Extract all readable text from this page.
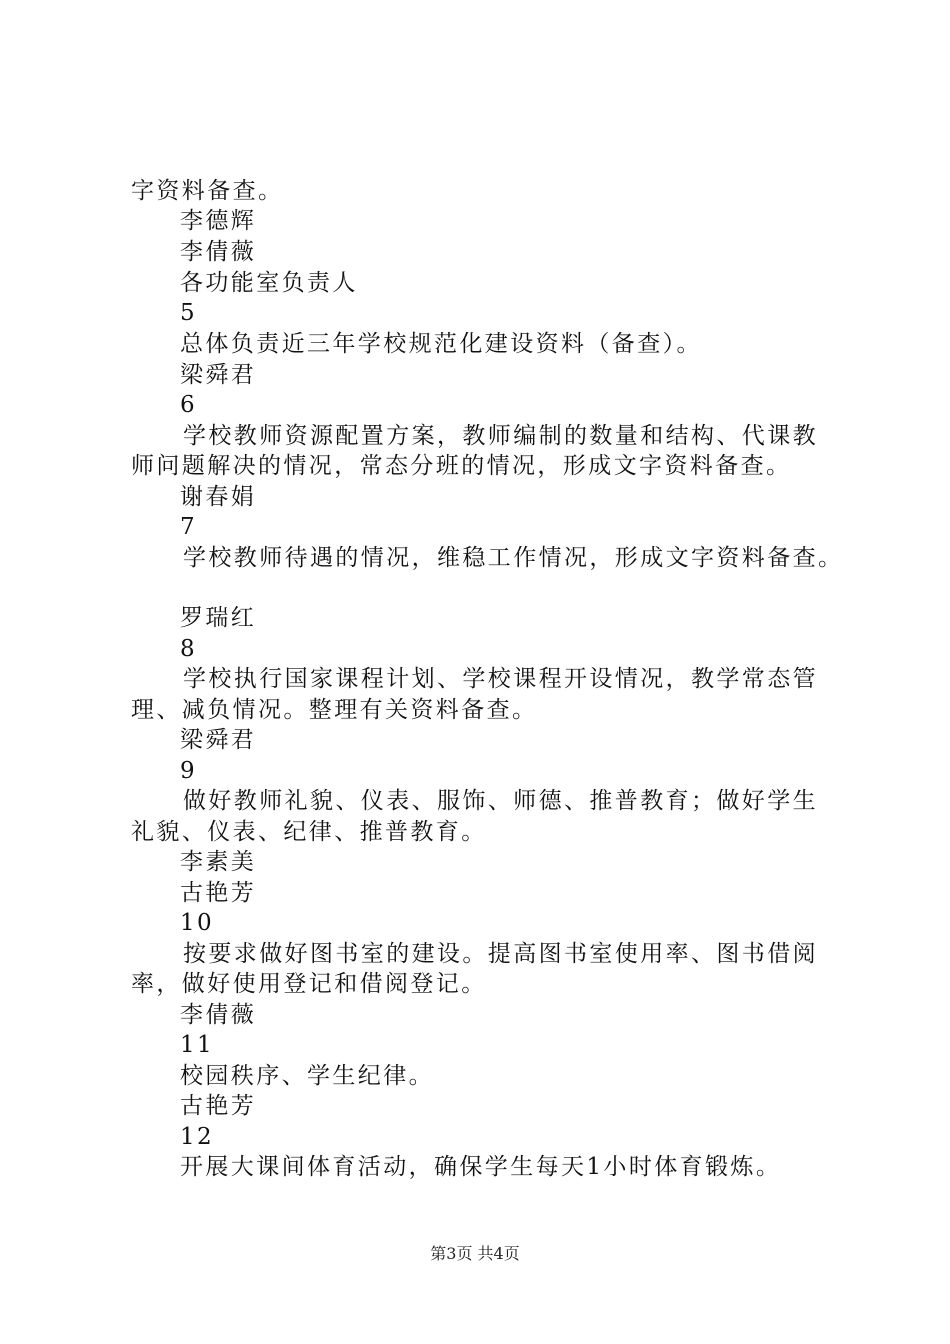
字资料备查。
李德辉
李倩薇
各功能室负责人
5
总体负责近三年学校规范化建设资料（备查）。
梁舜君
6
学校教师资源配置方案，教师编制的数量和结构、代课教
师问题解决的情况，常态分班的情况，形成文字资料备查。
谢春娟
7
学校教师待遇的情况，维稳工作情况，形成文字资料备查。
罗瑞红
8
学校执行国家课程计划、学校课程开设情况，教学常态管
理、减负情况。整理有关资料备查。
梁舜君
9
做好教师礼貌、仪表、服饰、师德、推普教育；做好学生
礼貌、仪表、纪律、推普教育。
李素美
古艳芳
10
按要求做好图书室的建设。提高图书室使用率、图书借阅
率，做好使用登记和借阅登记。
李倩薇
11
校园秩序、学生纪律。
古艳芳
12
开展大课间体育活动，确保学生每天1小时体育锻炼。
第3页 共4页
